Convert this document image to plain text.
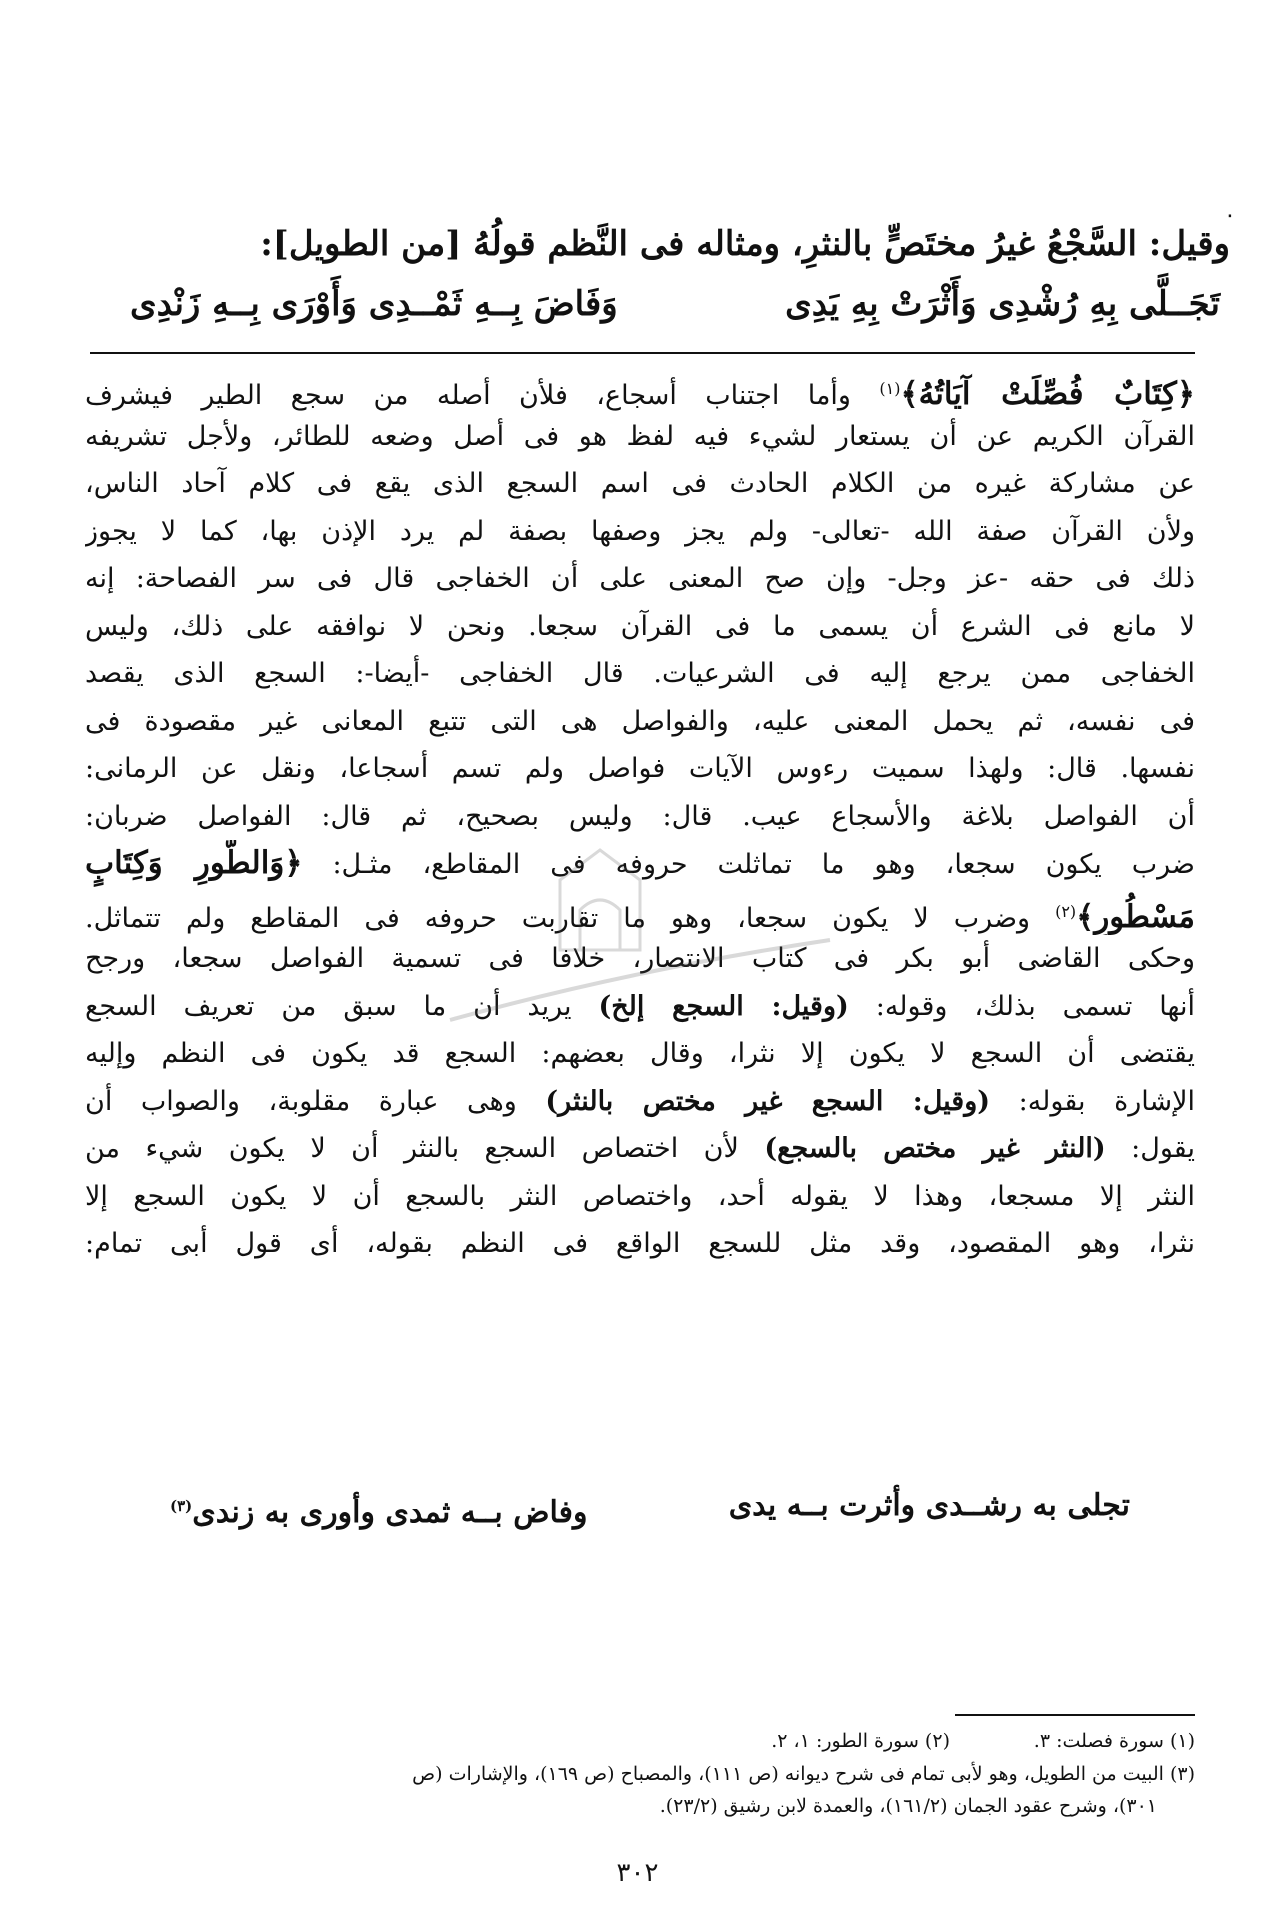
٠
وقيل: السَّجْعُ غيرُ مختَصٍّ بالنثرِ، ومثاله فى النَّظم قولُهُ [من الطويل]:
تَجَــلَّى بِهِ رُشْدِى وَأَثْرَتْ بِهِ يَدِى
وَفَاضَ بِــهِ ثَمْــدِى وَأَوْرَى بِــهِ زَنْدِى
﴿كِتَابٌ فُصِّلَتْ آيَاتُهُ﴾$^{(١)}$ وأما اجتناب أسجاع، فلأن أصله من سجع الطير فيشرف
القرآن الكريم عن أن يستعار لشيء فيه لفظ هو فى أصل وضعه للطائر، ولأجل تشريفه
عن مشاركة غيره من الكلام الحادث فى اسم السجع الذى يقع فى كلام آحاد الناس،
ولأن القرآن صفة الله -تعالى- ولم يجز وصفها بصفة لم يرد الإذن بها، كما لا يجوز
ذلك فى حقه -عز وجل- وإن صح المعنى على أن الخفاجى قال فى سر الفصاحة: إنه
لا مانع فى الشرع أن يسمى ما فى القرآن سجعا. ونحن لا نوافقه على ذلك، وليس
الخفاجى ممن يرجع إليه فى الشرعيات. قال الخفاجى -أيضا-: السجع الذى يقصد
فى نفسه، ثم يحمل المعنى عليه، والفواصل هى التى تتبع المعانى غير مقصودة فى
نفسها. قال: ولهذا سميت رءوس الآيات فواصل ولم تسم أسجاعا، ونقل عن الرمانى:
أن الفواصل بلاغة والأسجاع عيب. قال: وليس بصحيح، ثم قال: الفواصل ضربان:
ضرب يكون سجعا، وهو ما تماثلت حروفه فى المقاطع، مثـل: ﴿وَالطُّورِ وَكِتَابٍ
مَسْطُورٍ﴾$^{(٢)}$ وضرب لا يكون سجعا، وهو ما تقاربت حروفه فى المقاطع ولم تتماثل.
وحكى القاضى أبو بكر فى كتاب الانتصار، خلافا فى تسمية الفواصل سجعا، ورجح
أنها تسمى بذلك، وقوله: (وقيل: السجع إلخ) يريد أن ما سبق من تعريف السجع
يقتضى أن السجع لا يكون إلا نثرا، وقال بعضهم: السجع قد يكون فى النظم وإليه
الإشارة بقوله: (وقيل: السجع غير مختص بالنثر) وهى عبارة مقلوبة، والصواب أن
يقول: (النثر غير مختص بالسجع) لأن اختصاص السجع بالنثر أن لا يكون شيء من
النثر إلا مسجعا، وهذا لا يقوله أحد، واختصاص النثر بالسجع أن لا يكون السجع إلا
نثرا، وهو المقصود، وقد مثل للسجع الواقع فى النظم بقوله، أى قول أبى تمام:
تجلى به رشــدى وأثرت بــه يدى
وفاض بــه ثمدى وأورى به زندى$^{(٣)}$
(١) سورة فصلت: ٣.
(٢) سورة الطور: ١، ٢.
(٣) البيت من الطويل، وهو لأبى تمام فى شرح ديوانه (ص ١١١)، والمصباح (ص ١٦٩)، والإشارات (ص
٣٠١)، وشرح عقود الجمان (١٦١/٢)، والعمدة لابن رشيق (٢٣/٢).
٣٠٢
